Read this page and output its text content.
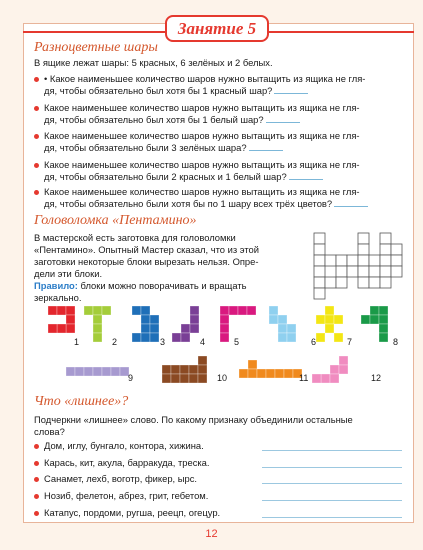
Занятие 5
Разноцветные шары
В ящике лежат шары: 5 красных, 6 зелёных и 2 белых.
• Какое наименьшее количество шаров нужно вытащить из ящика не гля-
дя, чтобы обязательно был хотя бы 1 красный шар?
Какое наименьшее количество шаров нужно вытащить из ящика не гля-
дя, чтобы обязательно был хотя бы 1 белый шар?
Какое наименьшее количество шаров нужно вытащить из ящика не гля-
дя, чтобы обязательно были 3 зелёных шара?
Какое наименьшее количество шаров нужно вытащить из ящика не гля-
дя, чтобы обязательно были 2 красных и 1 белый шар?
Какое наименьшее количество шаров нужно вытащить из ящика не гля-
дя, чтобы обязательно были хотя бы по 1 шару всех трёх цветов?
Головоломка «Пентамино»
В мастерской есть заготовка для головоломки
«Пентамино». Опытный Мастер сказал, что из этой
заготовки некоторые блоки вырезать нельзя. Опре-
дели эти блоки.
Правило: блоки можно поворачивать и вращать
зеркально.
1	2	3	4	5	6	7	8
9	10	11	12
Что «лишнее»?
Подчеркни «лишнее» слово. По какому признаку объединили остальные
слова?
Дом, иглу, бунгало, контора, хижина.
Карась, кит, акула, барракуда, треска.
Санамет, лехб, воготр, фикер, ырс.
Нозиб, фелетон, абрез, грит, гебетом.
Катапус, пордоми, ругша, реецп, огецур.
12
